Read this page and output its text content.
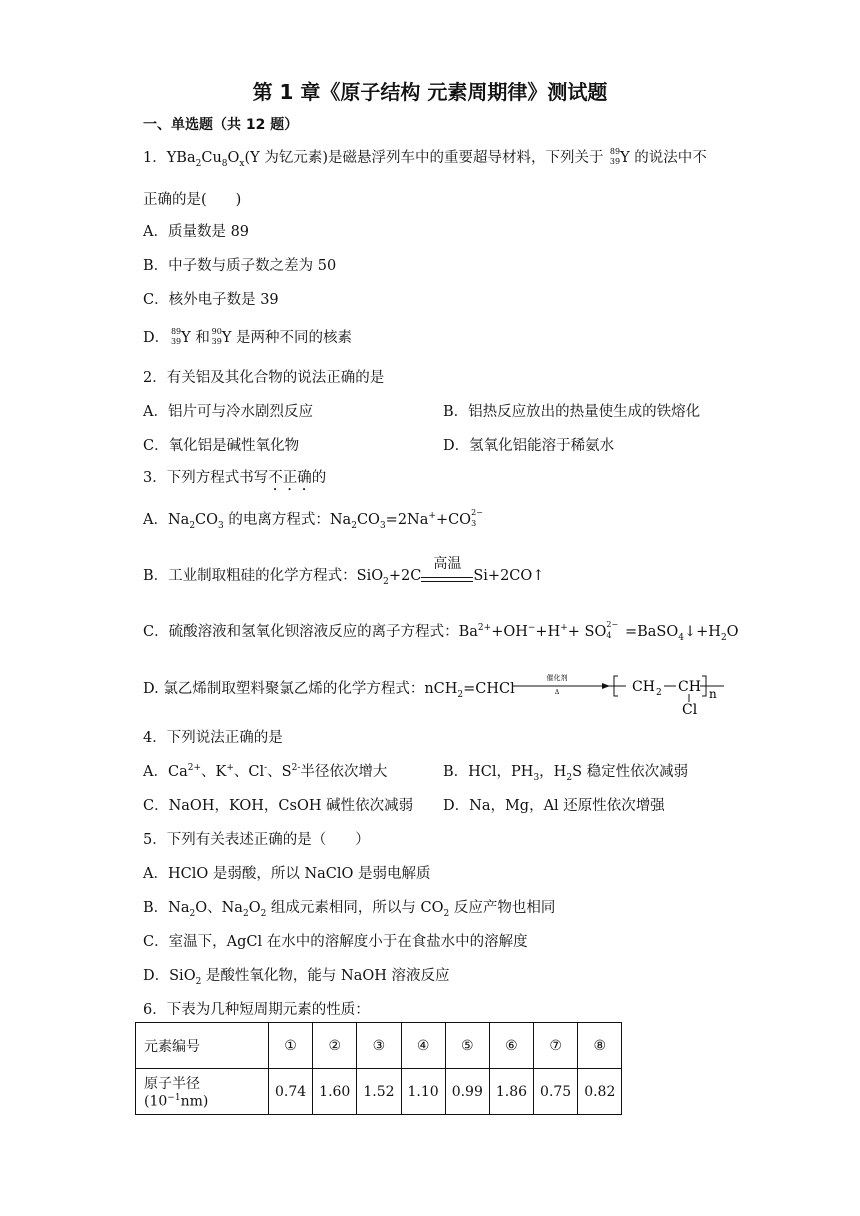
第 1 章《原子结构 元素周期律》测试题
一、单选题（共 12 题）
1．$YBa_2Cu_8O_x(Y$ 为钇元素)是磁悬浮列车中的重要超导材料，下列关于 89
39 Y 的说法中不
正确的是(　　)
A．质量数是 89
B．中子数与质子数之差为 50
C．核外电子数是 39
D． 89
39 Y 和 90
39 Y 是两种不同的核素
2．有关铝及其化合物的说法正确的是
A．铝片可与冷水剧烈反应	B．铝热反应放出的热量使生成的铁熔化
C．氧化铝是碱性氧化物	D．氢氧化铝能溶于稀氨水
3．下列方程式书写不正确的
A．$Na_2CO_3$ 的电离方程式：$Na_2CO_3=2Na^++CO$ 2−
3
B．工业制取粗硅的化学方程式：SiO$_2$+2C
高温
Si+2CO↑
C．硫酸溶液和氢氧化钡溶液反应的离子方程式：$Ba^{2+}+OH^-+H^++$ SO 2−
$4 =BaSO_4↓+H_2O$
D. 氯乙烯制取塑料聚氯乙烯的化学方程式：nCH$_2$=CHCl
催化剂
Δ	CH 2 CH
Cl
n
4．下列说法正确的是
A．$Ca^{2+}$、K+、Cl-、$S^{2-}$半径依次增大	B．HCl，$PH_3$，$H_2S$ 稳定性依次减弱
C．NaOH，KOH，CsOH 碱性依次减弱 D．Na，Mg，Al 还原性依次增强
5．下列有关表述正确的是（　　）
A．HClO 是弱酸，所以 NaClO 是弱电解质
B．$Na_2O$、$Na_2O_2$ 组成元素相同，所以与 $CO_2$ 反应产物也相同
C．室温下，AgCl 在水中的溶解度小于在食盐水中的溶解度
D．SiO$_2$ 是酸性氧化物，能与 NaOH 溶液反应
6．下表为几种短周期元素的性质：
元素编号	①	②	③	④	⑤	⑥	⑦	⑧
原子半径$(10^{-1}nm)$	0.74	1.60	1.52	1.10	0.99	1.86	0.75	0.82
